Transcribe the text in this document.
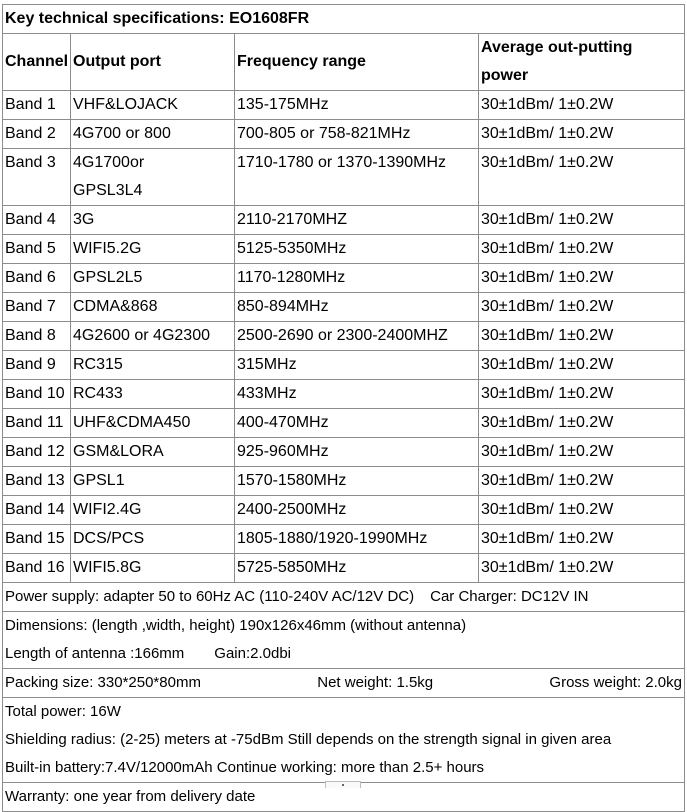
Key technical specifications: EO1608FR			
Channel	Output port	Frequency range	Average out-putting
power
Band 1	VHF&LOJACK	135-175MHz	30±1dBm/ 1±0.2W
Band 2	4G700 or 800	700-805 or 758-821MHz	30±1dBm/ 1±0.2W
Band 3	4G1700or
GPSL3L4	1710-1780 or 1370-1390MHz	30±1dBm/ 1±0.2W
Band 4	3G	2110-2170MHZ	30±1dBm/ 1±0.2W
Band 5	WIFI5.2G	5125-5350MHz	30±1dBm/ 1±0.2W
Band 6	GPSL2L5	1170-1280MHz	30±1dBm/ 1±0.2W
Band 7	CDMA&868	850-894MHz	30±1dBm/ 1±0.2W
Band 8	4G2600 or 4G2300	2500-2690 or 2300-2400MHZ	30±1dBm/ 1±0.2W
Band 9	RC315	315MHz	30±1dBm/ 1±0.2W
Band 10	RC433	433MHz	30±1dBm/ 1±0.2W
Band 11	UHF&CDMA450	400-470MHz	30±1dBm/ 1±0.2W
Band 12	GSM&LORA	925-960MHz	30±1dBm/ 1±0.2W
Band 13	GPSL1	1570-1580MHz	30±1dBm/ 1±0.2W
Band 14	WIFI2.4G	2400-2500MHz	30±1dBm/ 1±0.2W
Band 15	DCS/PCS	1805-1880/1920-1990MHz	30±1dBm/ 1±0.2W
Band 16	WIFI5.8G	5725-5850MHz	30±1dBm/ 1±0.2W
Power supply: adapter 50 to 60Hz AC (110-240V AC/12V DC) Car Charger: DC12V IN			

Dimensions: (length ,width, height) 190x126x46mm (without antenna)
Length of antenna :166mm Gain:2.0dbi			

Packing size: 330*250*80mm Net weight: 1.5kg Gross weight: 2.0kg			

Total power: 16W
Shielding radius: (2-25) meters at -75dBm Still depends on the strength signal in given area
Built-in battery:7.4V/12000mAh Continue working: more than 2.5+ hours			

Warranty: one year from delivery date			
